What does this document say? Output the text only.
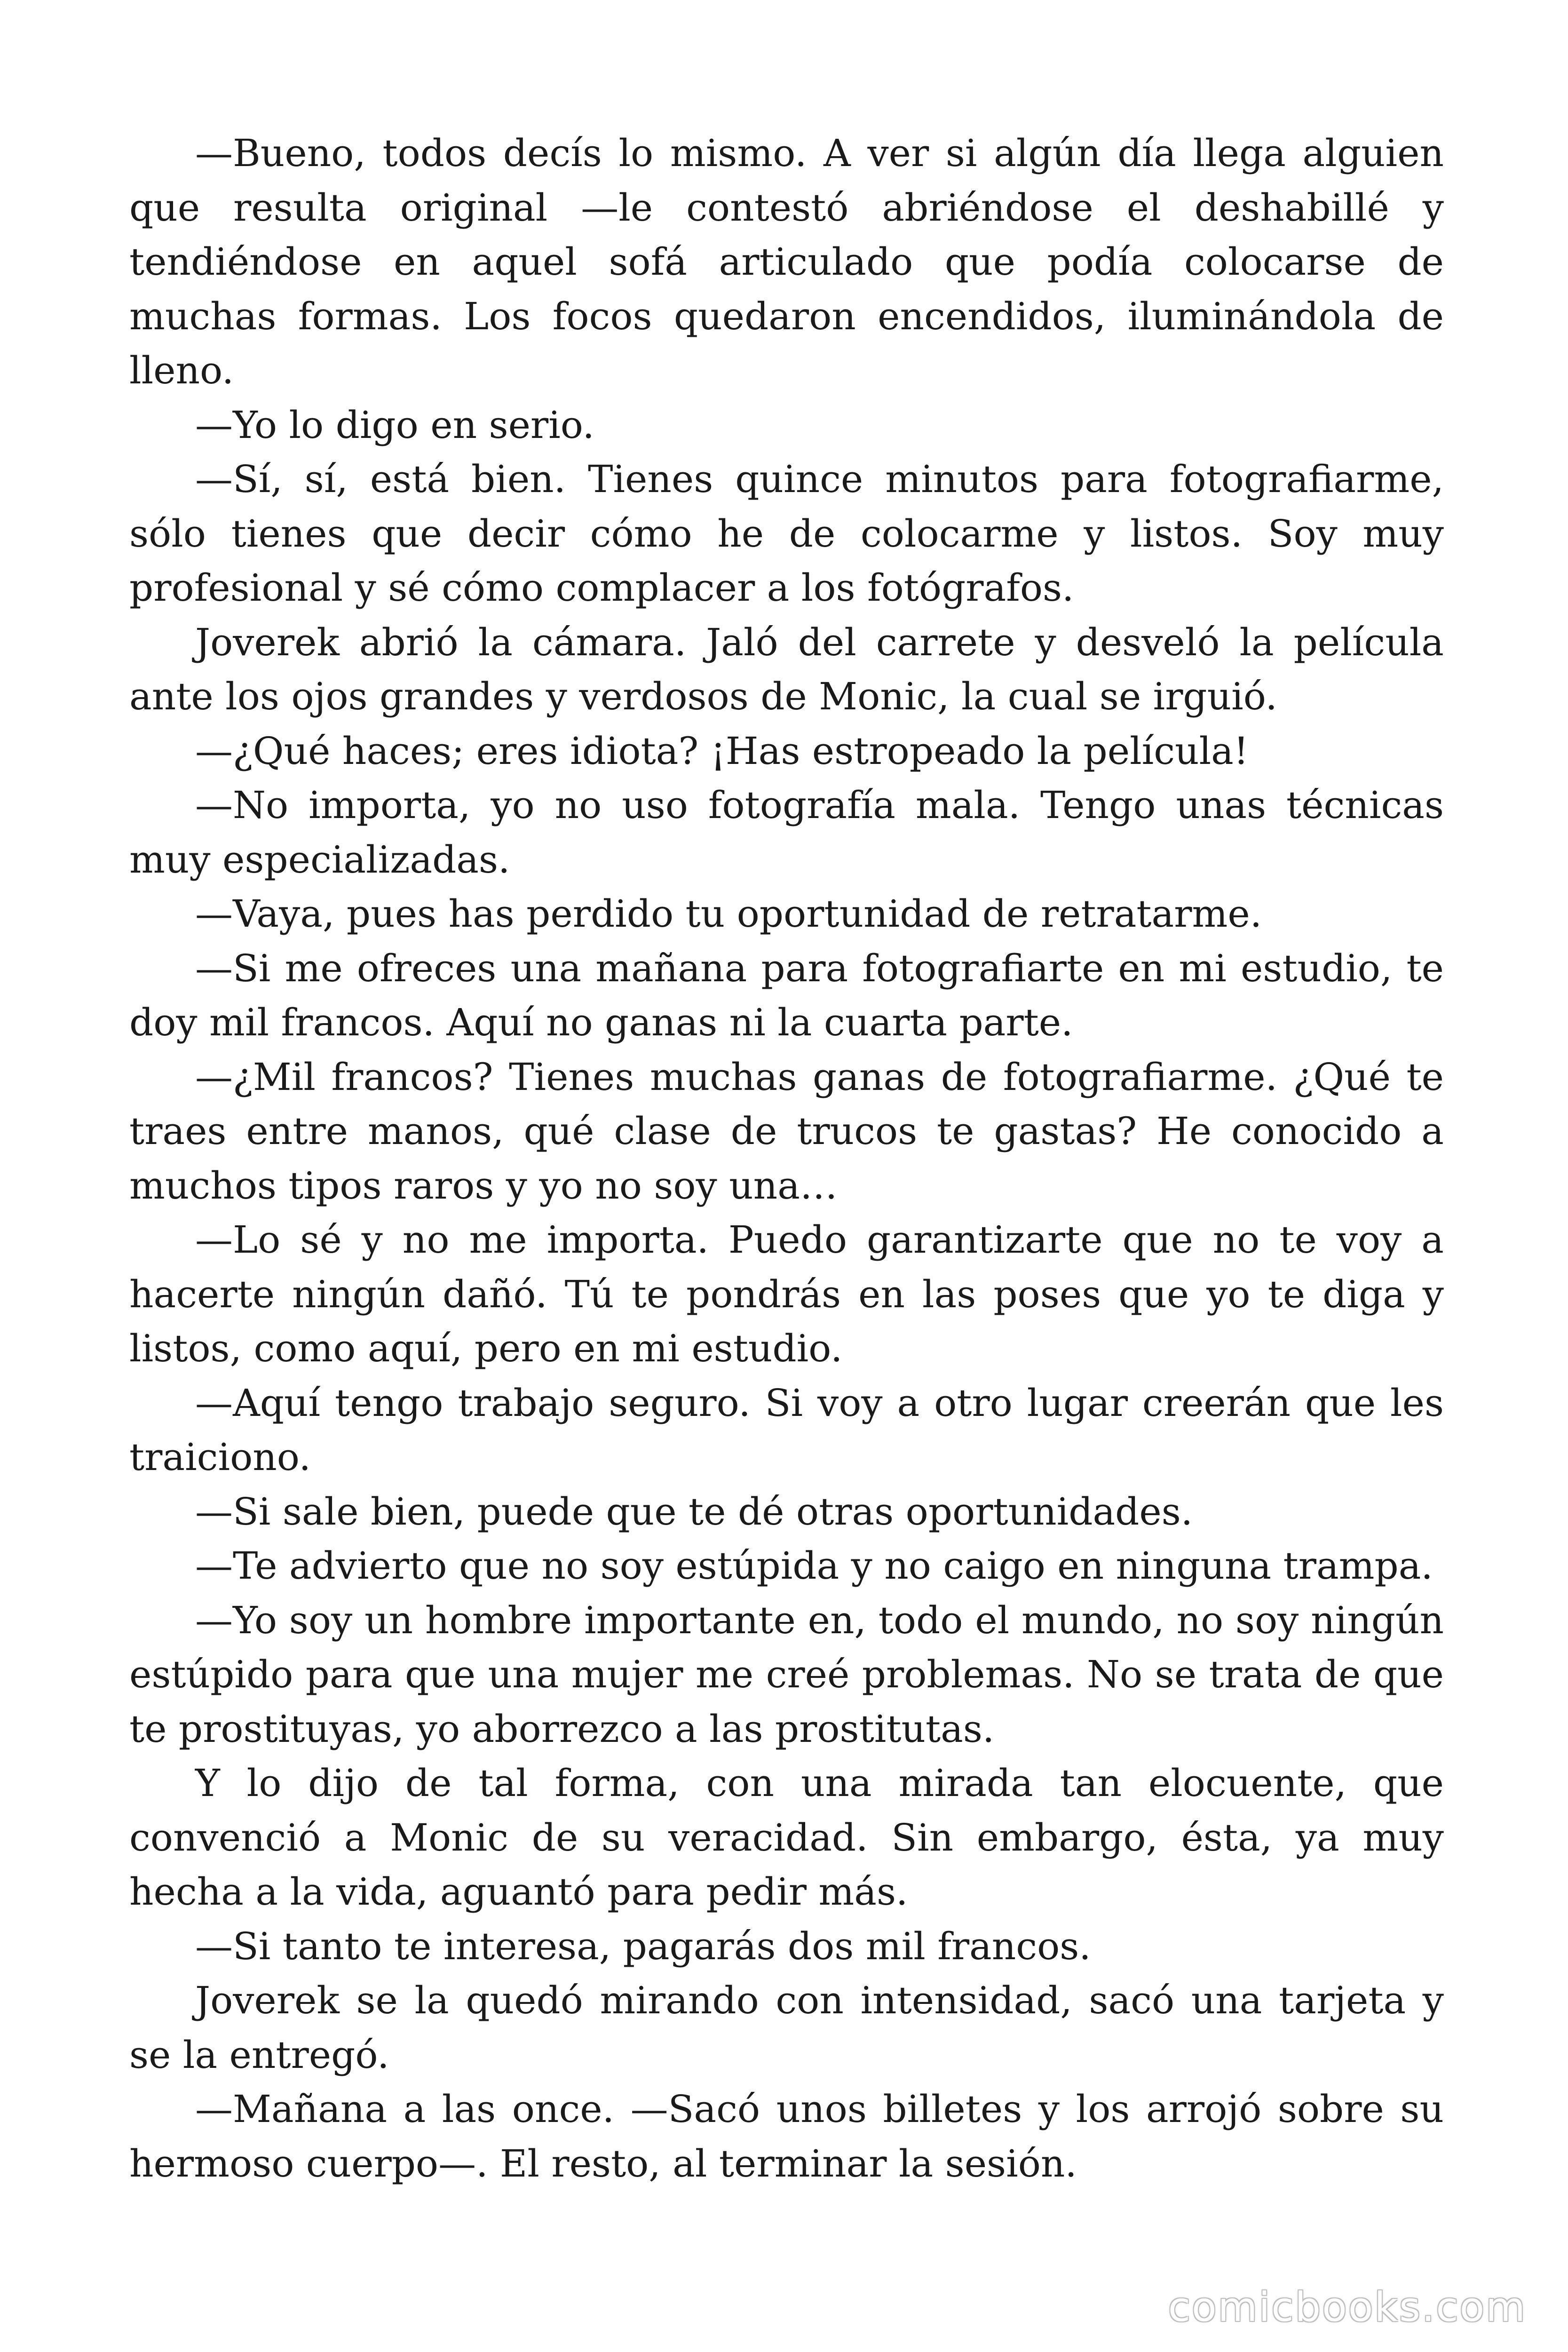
—Bueno, todos decís lo mismo. A ver si algún día llega alguien que resulta original —le contestó abriéndose el deshabillé y tendiéndose en aquel sofá articulado que podía colocarse de muchas formas. Los focos quedaron encendidos, iluminándola de lleno.

—Yo lo digo en serio.

—Sí, sí, está bien. Tienes quince minutos para fotografiarme, sólo tienes que decir cómo he de colocarme y listos. Soy muy profesional y sé cómo complacer a los fotógrafos.

Joverek abrió la cámara. Jaló del carrete y desveló la película ante los ojos grandes y verdosos de Monic, la cual se irguió.

—¿Qué haces; eres idiota? ¡Has estropeado la película!

—No importa, yo no uso fotografía mala. Tengo unas técnicas muy especializadas.

—Vaya, pues has perdido tu oportunidad de retratarme.

—Si me ofreces una mañana para fotografiarte en mi estudio, te doy mil francos. Aquí no ganas ni la cuarta parte.

—¿Mil francos? Tienes muchas ganas de fotografiarme. ¿Qué te traes entre manos, qué clase de trucos te gastas? He conocido a muchos tipos raros y yo no soy una…

—Lo sé y no me importa. Puedo garantizarte que no te voy a hacerte ningún dañó. Tú te pondrás en las poses que yo te diga y listos, como aquí, pero en mi estudio.

—Aquí tengo trabajo seguro. Si voy a otro lugar creerán que les traiciono.

—Si sale bien, puede que te dé otras oportunidades.

—Te advierto que no soy estúpida y no caigo en ninguna trampa.

—Yo soy un hombre importante en, todo el mundo, no soy ningún estúpido para que una mujer me creé problemas. No se trata de que te prostituyas, yo aborrezco a las prostitutas.

Y lo dijo de tal forma, con una mirada tan elocuente, que convenció a Monic de su veracidad. Sin embargo, ésta, ya muy hecha a la vida, aguantó para pedir más.

—Si tanto te interesa, pagarás dos mil francos.

Joverek se la quedó mirando con intensidad, sacó una tarjeta y se la entregó.

—Mañana a las once. —Sacó unos billetes y los arrojó sobre su hermoso cuerpo—. El resto, al terminar la sesión.

comicbooks.com
